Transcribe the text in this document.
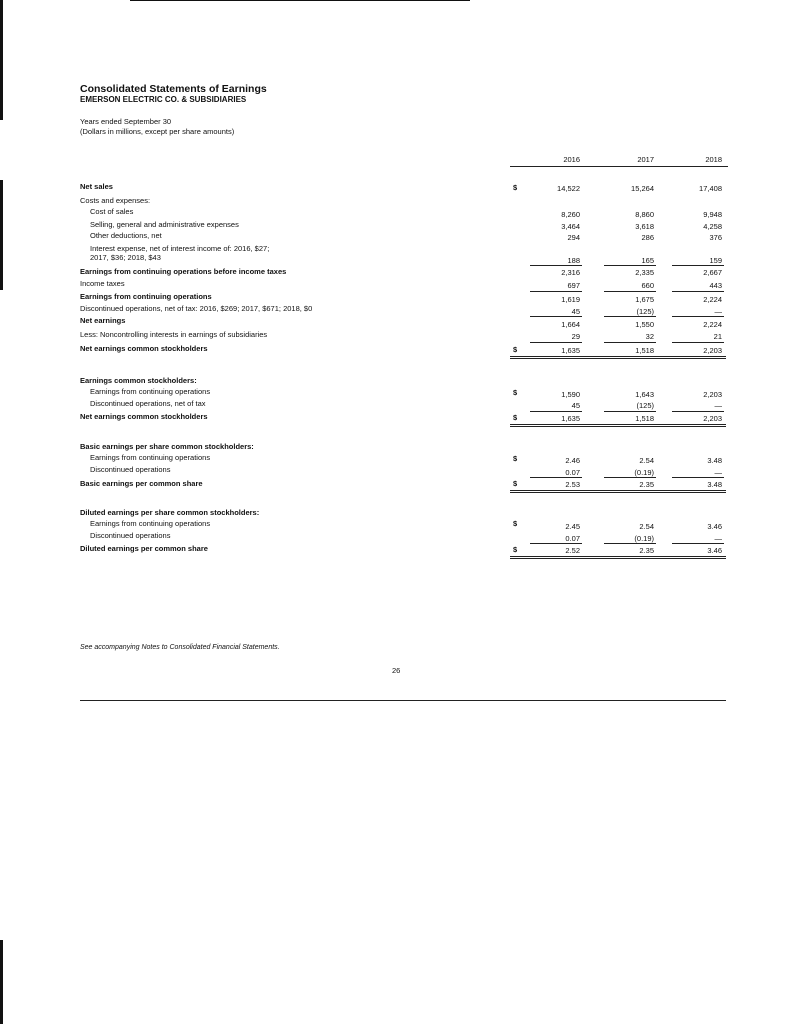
Consolidated Statements of Earnings
EMERSON ELECTRIC CO. & SUBSIDIARIES
Years ended September 30
(Dollars in millions, except per share amounts)
2016	2017	2018
Net sales	$	14,522	15,264	17,408
Costs and expenses:
Cost of sales	8,260	8,860	9,948
Selling, general and administrative expenses	3,464	3,618	4,258
Other deductions, net	294	286	376
Interest expense, net of interest income of: 2016, $27;
2017, $36; 2018, $43	188	165	159
Earnings from continuing operations before income taxes	2,316	2,335	2,667
Income taxes	697	660	443
Earnings from continuing operations	1,619	1,675	2,224
Discontinued operations, net of tax: 2016, $269; 2017, $671; 2018, $0	45	(125)	—
Net earnings	1,664	1,550	2,224
Less: Noncontrolling interests in earnings of subsidiaries	29	32	21
Net earnings common stockholders	$	1,635	1,518	2,203
Earnings common stockholders:
Earnings from continuing operations	$	1,590	1,643	2,203
Discontinued operations, net of tax	45	(125)	—
Net earnings common stockholders	$	1,635	1,518	2,203
Basic earnings per share common stockholders:
Earnings from continuing operations	$	2.46	2.54	3.48
Discontinued operations	0.07	(0.19)	—
Basic earnings per common share	$	2.53	2.35	3.48
Diluted earnings per share common stockholders:
Earnings from continuing operations	$	2.45	2.54	3.46
Discontinued operations	0.07	(0.19)	—
Diluted earnings per common share	$	2.52	2.35	3.46
See accompanying Notes to Consolidated Financial Statements.
26
